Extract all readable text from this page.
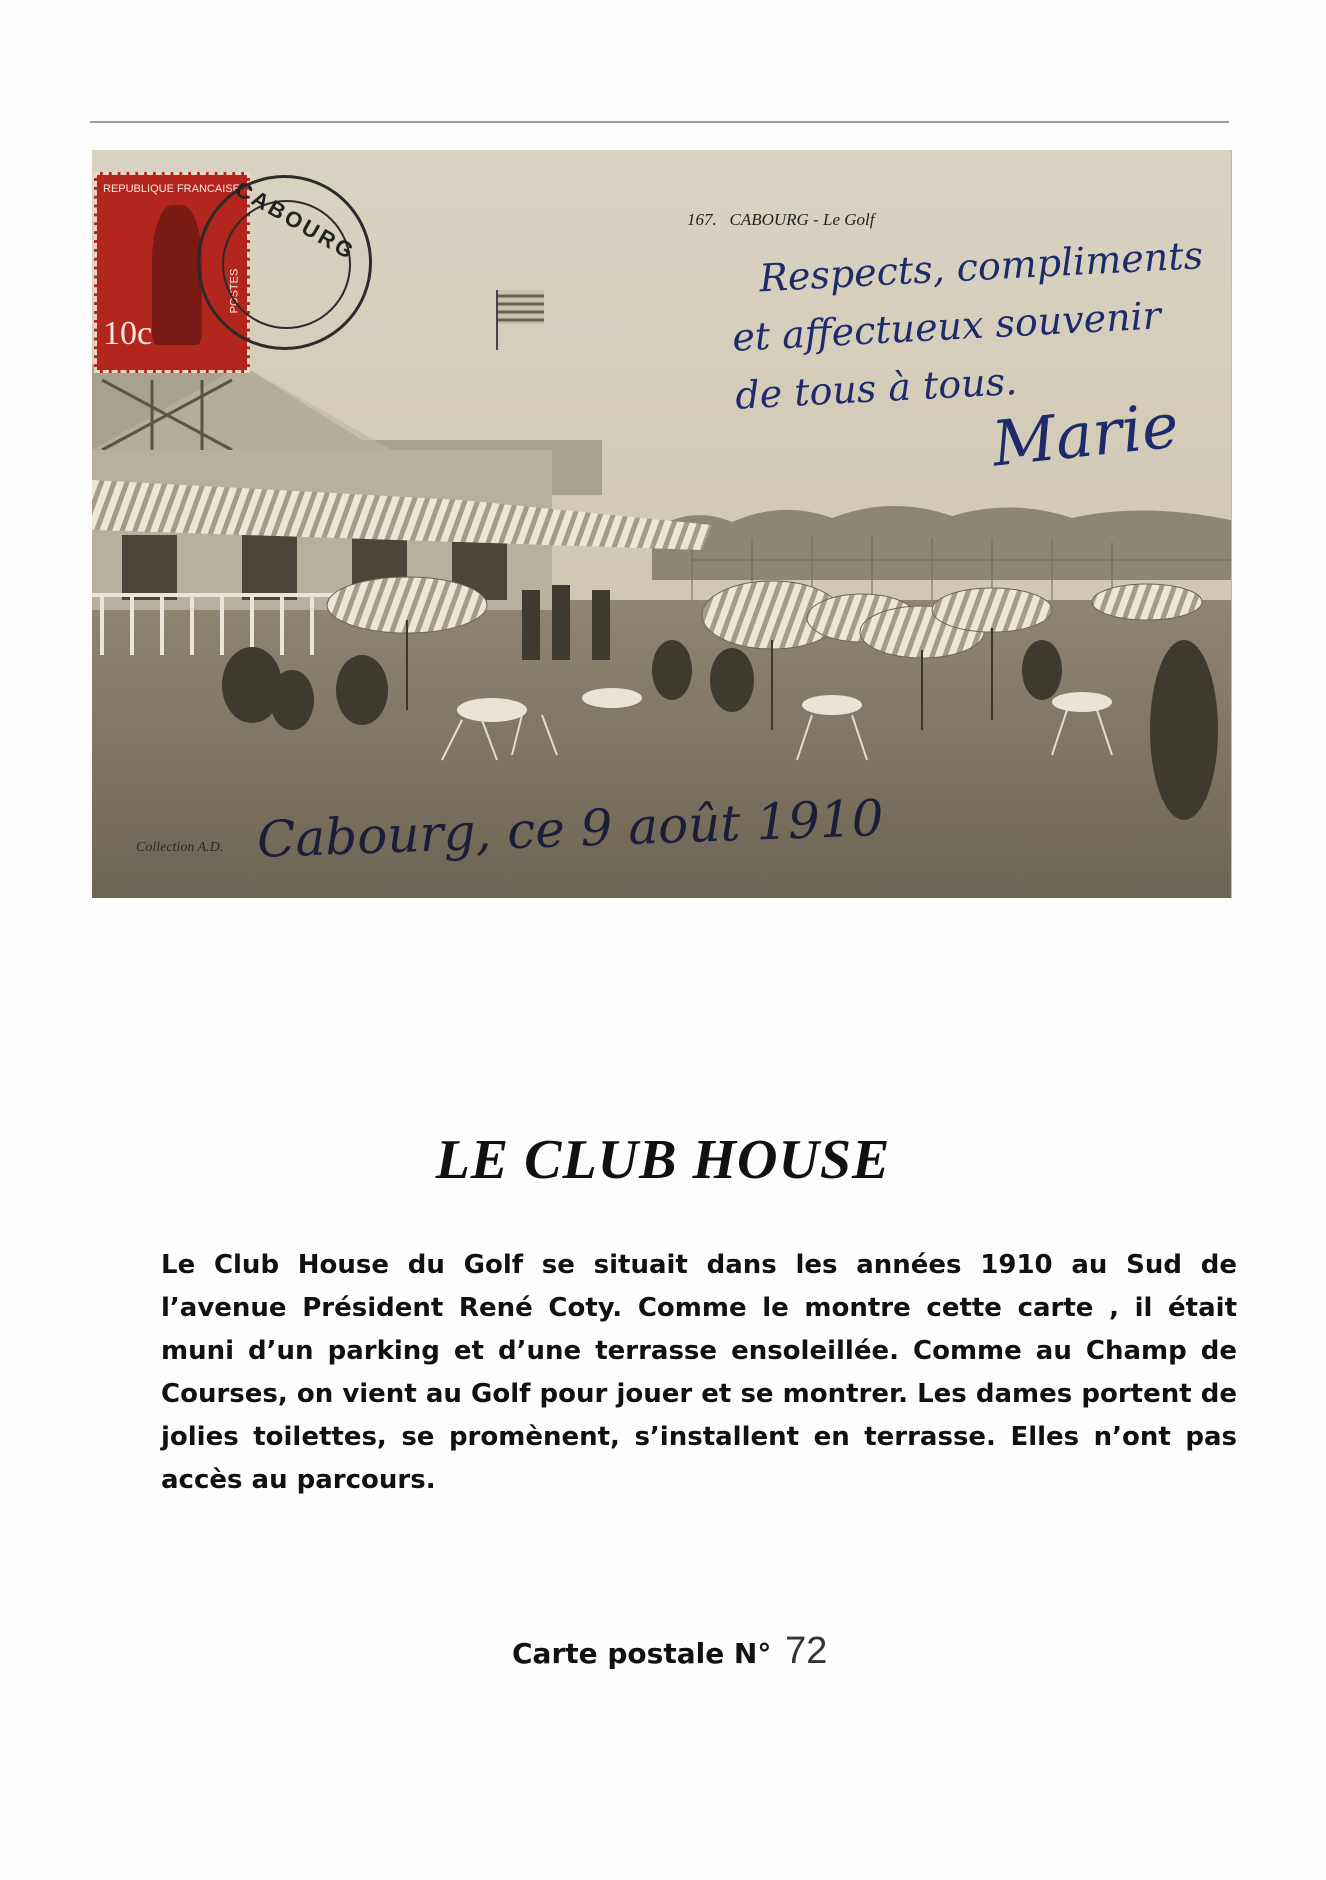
REPUBLIQUE FRANCAISE
10c
POSTES
CABOURG	167.   CABOURG - Le Golf
Respects, compliments
et affectueux souvenir
de tous à tous.
Marie
Collection A.D. Cabourg, ce 9 août 1910
LE CLUB HOUSE

Le Club House du Golf se situait dans les années 1910 au Sud de l’avenue Président René Coty. Comme le montre cette carte , il était muni d’un parking et d’une terrasse ensoleillée. Comme au Champ de Courses, on vient au Golf pour jouer et se montrer. Les dames portent de jolies toilettes, se promènent, s’installent en terrasse. Elles n’ont pas accès au parcours.

Carte postale N° 72
